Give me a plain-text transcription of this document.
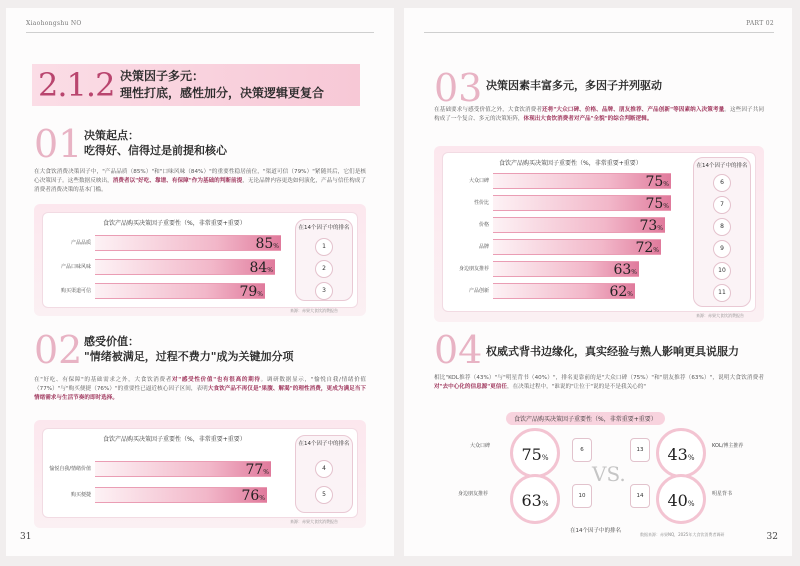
Xiaohongshu NO
2.1.2 决策因子多元：
理性打底，感性加分，决策逻辑更复合
01 决策起点：
吃得好、信得过是前提和核心
在大食饮消费决策因子中，"产品品质（85%）"和"口味风味（84%）"的重要性稳居前位，"渠道可信（79%）"紧随其后，它们是核心决策因子。这些数据反映出，消费者以"好吃、靠谱、有保障"作为基础的判断前提，无论品牌内容更迭如何演化，产品与信任构成了消费者消费决策的基本门槛。
食饮产品购买决策因子重要性（%，非常重要+重要）
产品品质	85%
产品口味风味	84%
购买渠道可信	79%
在14个因子中的排名
1
2
3
来源：赤果大食饮消费报告
02 感受价值：
"情绪被满足，过程不费力"成为关键加分项
在"好吃、有保障"的基础需求之外，大食饮消费者对"感受性价值"也有很高的期待。调研数据显示，"愉悦自我/情绪价值（77%）"与"购买便捷（76%）"的重要性已逼近核心因子区间，表明大食饮产品不再仅是"果腹、解渴"的理性消费，更成为满足当下情绪需求与生活节奏的即时选择。
食饮产品购买决策因子重要性（%，非常重要+重要）
愉悦自我/情绪价值	77%
购买便捷	76%
在14个因子中的排名
4
5
来源：赤果大食饮消费报告
31
PART 02
03 决策因素丰富多元，多因子并列驱动
在基础要求与感受价值之外，大食饮消费者还将"大众口碑、价格、品牌、朋友推荐、产品创新"等因素纳入决策考量。这些因子共同构成了一个复合、多元的决策矩阵，体现出大食饮消费者对产品"全貌"的综合判断逻辑。
食饮产品购买决策因子重要性（%，非常重要+重要）
大众口碑	75%
性价比	75%
价格	73%
品牌	72%
身边朋友推荐	63%
产品创新	62%
在14个因子中的排名
6
7
8
9
10
11
来源：赤果大食饮消费报告
04 权威式背书边缘化，真实经验与熟人影响更具说服力
相比"KOL推荐（43%）"与"明星背书（40%）"，排名更靠前的是"大众口碑（75%）"和"朋友推荐（63%）"，说明大食饮消费者对"去中心化的信息源"更信任，在决策过程中，"谁说的"让位于"说的是不是我关心的"
食饮产品购买决策因子重要性（%，非常重要+重要）
大众口碑	75%
6
身边朋友推荐	63%
10
VS.
13	43%
KOL/博主推荐
14	40%
明星背书
在14个因子中的排名
数据来源：赤果NQ，2025年大食饮消费者调研	32
